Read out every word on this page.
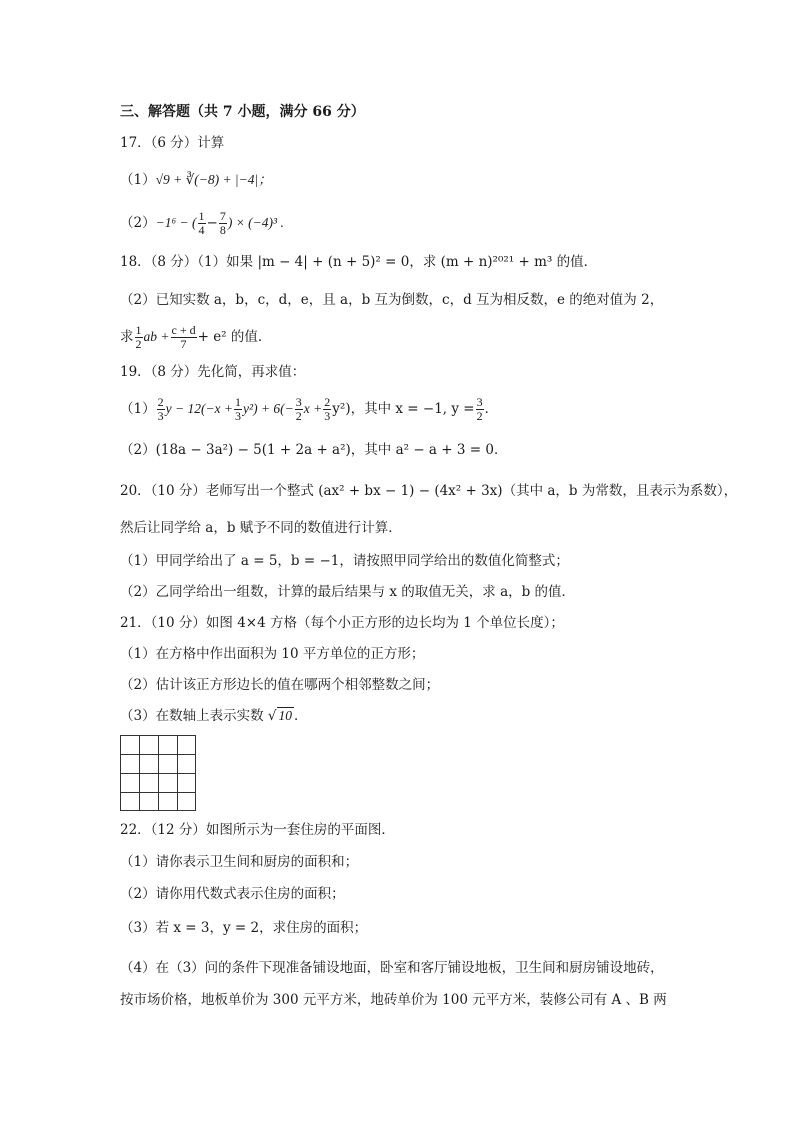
三、解答题（共 7 小题，满分 66 分）
17．（6 分）计算
（1）√9 + ∛(−8) + |−4|；
（2）−1⁶ − ( $\frac{1}{4} - \frac{7}{8}$ ) × (−4)³ .
18．（8 分）（1）如果 |m − 4| + (n + 5)² = 0，求 (m + n)²⁰²¹ + m³ 的值．
（2）已知实数 a，b，c，d，e，且 a，b 互为倒数，c，d 互为相反数，e 的绝对值为 2，
求 $\frac{1}{2}$ ab + $\frac{c + d}{7} + e^2$ 的值．
19．（8 分）先化简，再求值：
$(1) \frac{2}{3}$ $y - 12(-x + \frac{1}{3} y^2) + 6(- \frac{3}{2}$ $x + \frac{2}{3} y^2$)，其中 x = −1, $y = \frac{3}{2}$ ．
（2）(18a − 3a²) − 5(1 + 2a + a²)，其中 a² − a + 3 = 0．
20．（10 分）老师写出一个整式 (ax² + bx − 1) − (4x² + 3x)（其中 a，b 为常数，且表示为系数），
然后让同学给 a，b 赋予不同的数值进行计算．
（1）甲同学给出了 a = 5，b = −1，请按照甲同学给出的数值化简整式；
（2）乙同学给出一组数，计算的最后结果与 x 的取值无关，求 a，b 的值．
21．（10 分）如图 4×4 方格（每个小正方形的边长均为 1 个单位长度）；
（1）在方格中作出面积为 10 平方单位的正方形；
（2）估计该正方形边长的值在哪两个相邻整数之间；
（3）在数轴上表示实数 √ 10 ．
22．（12 分）如图所示为一套住房的平面图．
（1）请你表示卫生间和厨房的面积和；
（2）请你用代数式表示住房的面积；
（3）若 x = 3，y = 2，求住房的面积；
（4）在（3）问的条件下现准备铺设地面，卧室和客厅铺设地板，卫生间和厨房铺设地砖，
按市场价格，地板单价为 300 元平方米，地砖单价为 100 元平方米，装修公司有 A 、B 两
